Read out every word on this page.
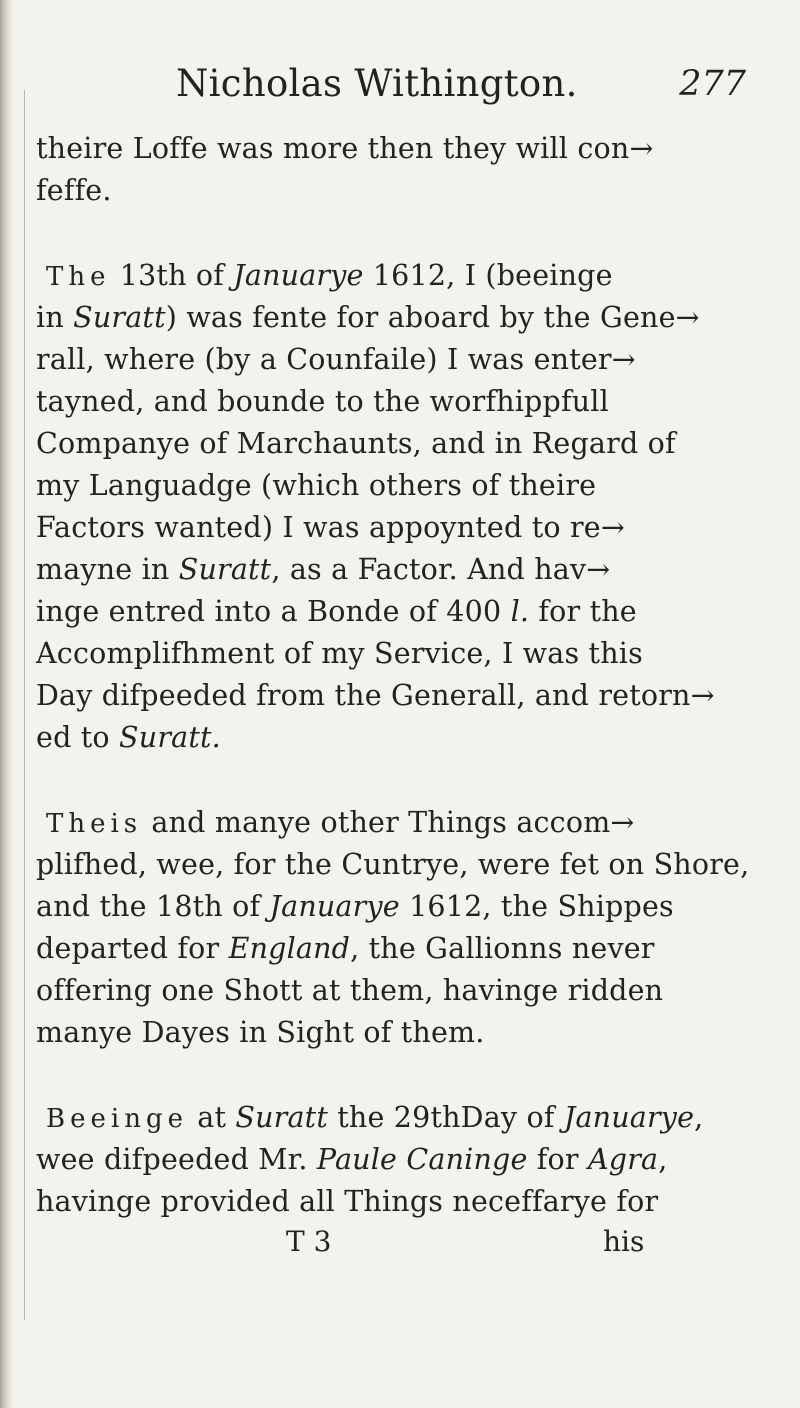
Nicholas Withington.	277
theire Loffe was more then they will con→
feffe.
The 13th of Januarye 1612, I (beeinge
in Suratt) was fente for aboard by the Gene→
rall, where (by a Counfaile) I was enter→
tayned, and bounde to the worfhippfull
Companye of Marchaunts, and in Regard of
my Languadge (which others of theire
Factors wanted) I was appoynted to re→
mayne in Suratt, as a Factor. And hav→
inge entred into a Bonde of 400 l. for the
Accomplifhment of my Service, I was this
Day difpeeded from the Generall, and retorn→
ed to Suratt.
Theis and manye other Things accom→
plifhed, wee, for the Cuntrye, were fet on Shore,
and the 18th of Januarye 1612, the Shippes
departed for England, the Gallionns never
offering one Shott at them, havinge ridden
manye Dayes in Sight of them.
Beeinge at Suratt the 29thDay of Januarye,
wee difpeeded Mr. Paule Caninge for Agra,
havinge provided all Things neceffarye for
T 3	his
